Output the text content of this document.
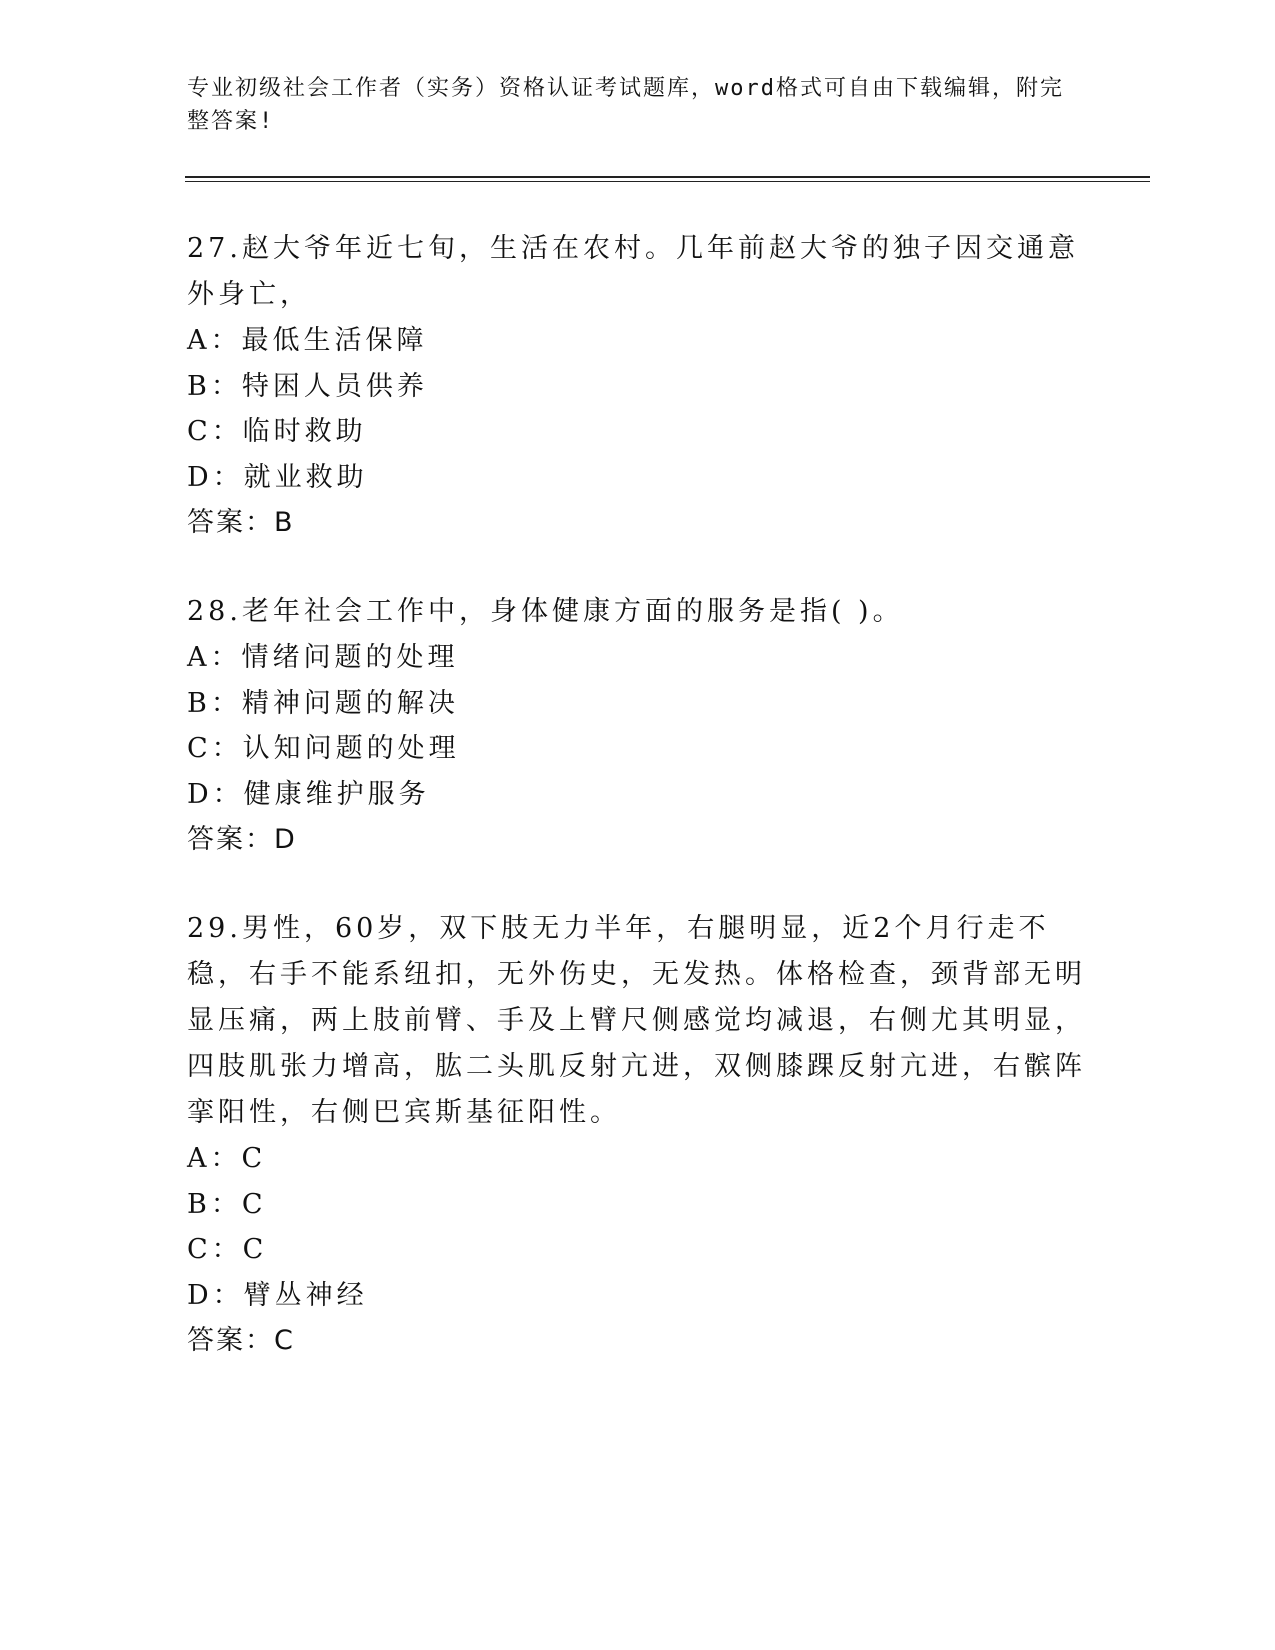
专业初级社会工作者（实务）资格认证考试题库，word格式可自由下载编辑，附完整答案!

27.赵大爷年近七旬，生活在农村。几年前赵大爷的独子因交通意外身亡，

A：最低生活保障

B：特困人员供养

C：临时救助

D：就业救助

答案：B

28.老年社会工作中，身体健康方面的服务是指( )。

A：情绪问题的处理

B：精神问题的解决

C：认知问题的处理

D：健康维护服务

答案：D

29.男性，60岁，双下肢无力半年，右腿明显，近2个月行走不稳，右手不能系纽扣，无外伤史，无发热。体格检查，颈背部无明显压痛，两上肢前臂、手及上臂尺侧感觉均减退，右侧尤其明显，四肢肌张力增高，肱二头肌反射亢进，双侧膝踝反射亢进，右髌阵挛阳性，右侧巴宾斯基征阳性。

A：C

B：C

C：C

D：臂丛神经

答案：C
